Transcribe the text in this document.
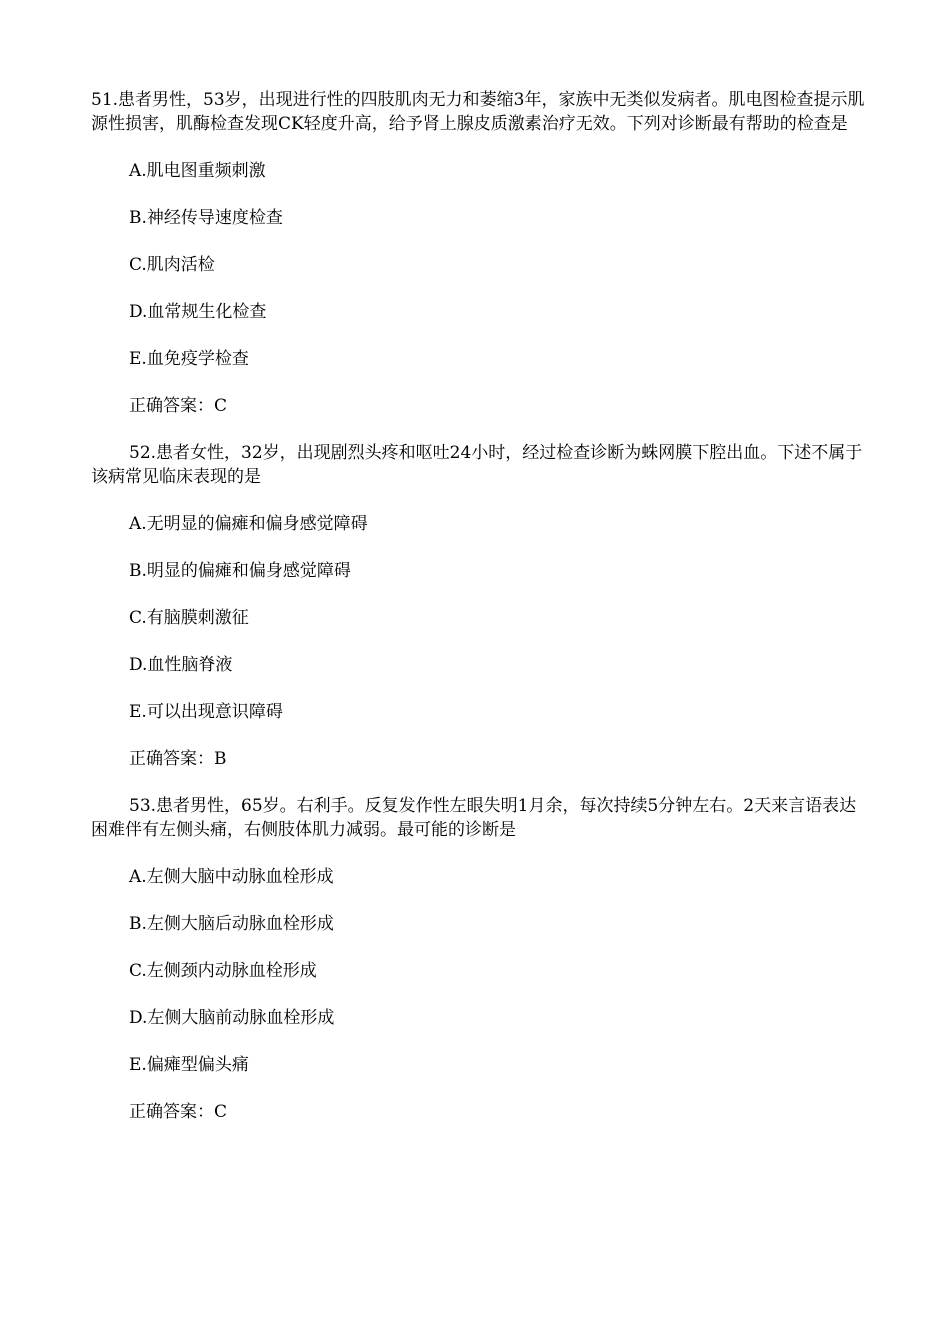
51.患者男性，53岁，出现进行性的四肢肌肉无力和萎缩3年，家族中无类似发病者。肌电图检查提示肌源性损害，肌酶检查发现CK轻度升高，给予肾上腺皮质激素治疗无效。下列对诊断最有帮助的检查是

A.肌电图重频刺激
B.神经传导速度检查
C.肌肉活检
D.血常规生化检查
E.血免疫学检查
正确答案：C

52.患者女性，32岁，出现剧烈头疼和呕吐24小时，经过检查诊断为蛛网膜下腔出血。下述不属于该病常见临床表现的是

A.无明显的偏瘫和偏身感觉障碍
B.明显的偏瘫和偏身感觉障碍
C.有脑膜刺激征
D.血性脑脊液
E.可以出现意识障碍
正确答案：B

53.患者男性，65岁。右利手。反复发作性左眼失明1月余，每次持续5分钟左右。2天来言语表达困难伴有左侧头痛，右侧肢体肌力减弱。最可能的诊断是

A.左侧大脑中动脉血栓形成
B.左侧大脑后动脉血栓形成
C.左侧颈内动脉血栓形成
D.左侧大脑前动脉血栓形成
E.偏瘫型偏头痛
正确答案：C
